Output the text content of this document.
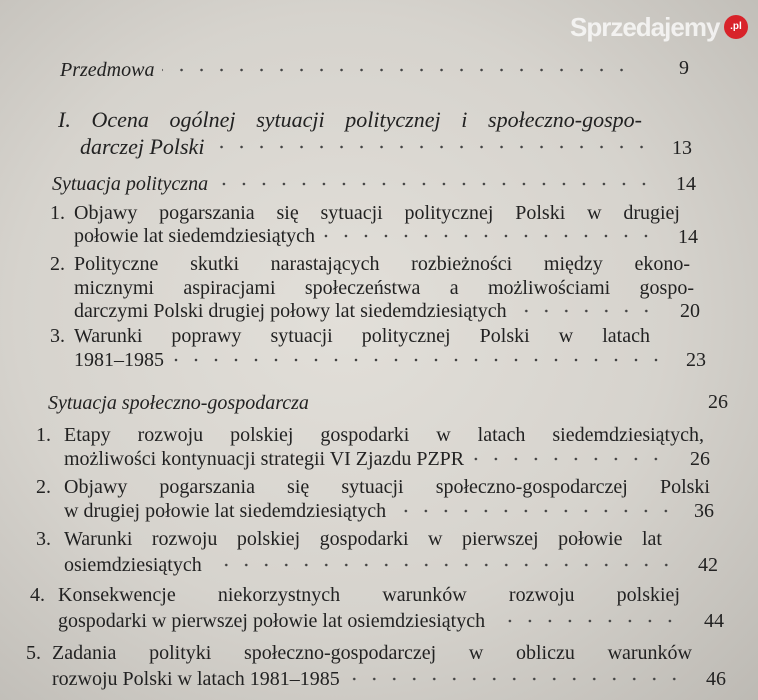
Przedmowa	9
I. Ocena ogólnej sytuacji politycznej i społeczno-gospo-
darczej Polski	13
Sytuacja polityczna	14
1. Objawy pogarszania się sytuacji politycznej Polski w drugiej
połowie lat siedemdziesiątych	14
2. Polityczne skutki narastających rozbieżności między ekono-
micznymi aspiracjami społeczeństwa a możliwościami gospo-
darczymi Polski drugiej połowy lat siedemdziesiątych	20
3. Warunki poprawy sytuacji politycznej Polski w latach
1981–1985	23
Sytuacja społeczno-gospodarcza	26
1. Etapy rozwoju polskiej gospodarki w latach siedemdziesiątych,
możliwości kontynuacji strategii VI Zjazdu PZPR	26
2. Objawy pogarszania się sytuacji społeczno-gospodarczej Polski
w drugiej połowie lat siedemdziesiątych	36
3. Warunki rozwoju polskiej gospodarki w pierwszej połowie lat
osiemdziesiątych	42
4. Konsekwencje niekorzystnych warunków rozwoju polskiej
gospodarki w pierwszej połowie lat osiemdziesiątych	44
5. Zadania polityki społeczno-gospodarczej w obliczu warunków
rozwoju Polski w latach 1981–1985	46
Sprzedajemy	.pl
